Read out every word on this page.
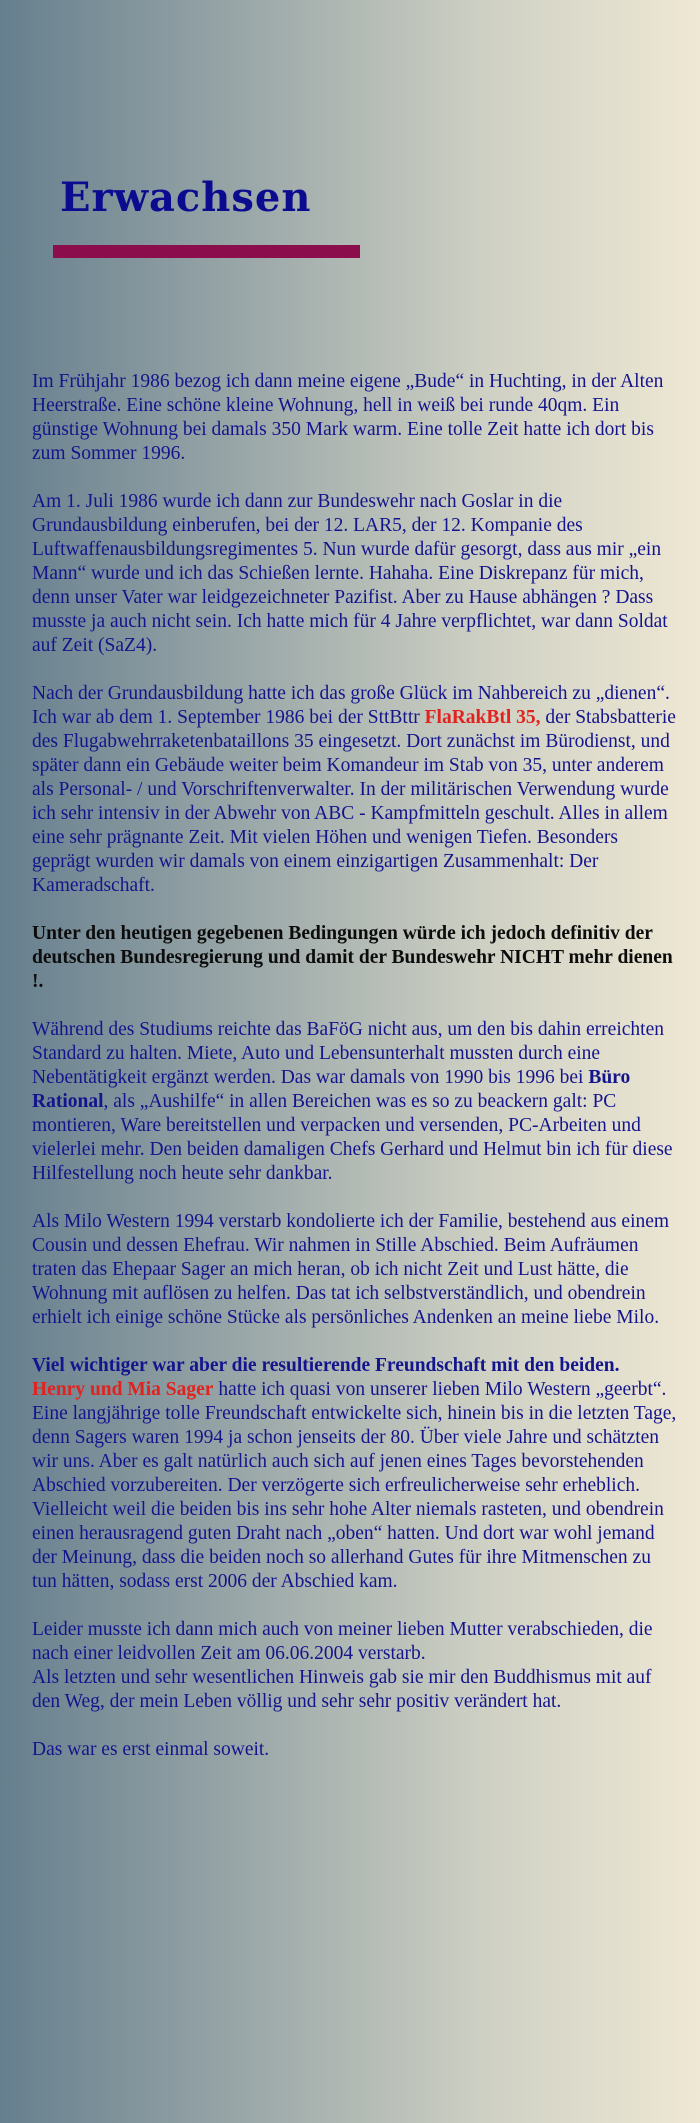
Erwachsen

Im Frühjahr 1986 bezog ich dann meine eigene „Bude“ in Huchting, in der Alten Heerstraße. Eine schöne kleine Wohnung, hell in weiß bei runde 40qm. Ein günstige Wohnung bei damals 350 Mark warm. Eine tolle Zeit hatte ich dort bis zum Sommer 1996.

Am 1. Juli 1986 wurde ich dann zur Bundeswehr nach Goslar in die Grundausbildung einberufen, bei der 12. LAR5, der 12. Kompanie des Luftwaffenausbildungsregimentes 5. Nun wurde dafür gesorgt, dass aus mir „ein Mann“ wurde und ich das Schießen lernte. Hahaha. Eine Diskrepanz für mich, denn unser Vater war leidgezeichneter Pazifist. Aber zu Hause abhängen ? Dass musste ja auch nicht sein. Ich hatte mich für 4 Jahre verpflichtet, war dann Soldat auf Zeit (SaZ4).

Nach der Grundausbildung hatte ich das große Glück im Nahbereich zu „dienen“. Ich war ab dem 1. September 1986 bei der SttBttr FlaRakBtl 35, der Stabsbatterie des Flugabwehrraketenbataillons 35 eingesetzt. Dort zunächst im Bürodienst, und später dann ein Gebäude weiter beim Komandeur im Stab von 35, unter anderem als Personal- / und Vorschriftenverwalter. In der militärischen Verwendung wurde ich sehr intensiv in der Abwehr von ABC - Kampfmitteln geschult. Alles in allem eine sehr prägnante Zeit. Mit vielen Höhen und wenigen Tiefen. Besonders geprägt wurden wir damals von einem einzigartigen Zusammenhalt: Der Kameradschaft.

Unter den heutigen gegebenen Bedingungen würde ich jedoch definitiv der deutschen Bundesregierung und damit der Bundeswehr NICHT mehr dienen !.

Während des Studiums reichte das BaFöG nicht aus, um den bis dahin erreichten Standard zu halten. Miete, Auto und Lebensunterhalt mussten durch eine Nebentätigkeit ergänzt werden. Das war damals von 1990 bis 1996 bei Büro Rational, als „Aushilfe“ in allen Bereichen was es so zu beackern galt: PC montieren, Ware bereitstellen und verpacken und versenden, PC-Arbeiten und vielerlei mehr. Den beiden damaligen Chefs Gerhard und Helmut bin ich für diese Hilfestellung noch heute sehr dankbar.

Als Milo Western 1994 verstarb kondolierte ich der Familie, bestehend aus einem Cousin und dessen Ehefrau. Wir nahmen in Stille Abschied. Beim Aufräumen traten das Ehepaar Sager an mich heran, ob ich nicht Zeit und Lust hätte, die Wohnung mit auflösen zu helfen. Das tat ich selbstverständlich, und obendrein erhielt ich einige schöne Stücke als persönliches Andenken an meine liebe Milo.

Viel wichtiger war aber die resultierende Freundschaft mit den beiden.
Henry und Mia Sager hatte ich quasi von unserer lieben Milo Western „geerbt“. Eine langjährige tolle Freundschaft entwickelte sich, hinein bis in die letzten Tage, denn Sagers waren 1994 ja schon jenseits der 80. Über viele Jahre und schätzten wir uns. Aber es galt natürlich auch sich auf jenen eines Tages bevorstehenden Abschied vorzubereiten. Der verzögerte sich erfreulicherweise sehr erheblich. Vielleicht weil die beiden bis ins sehr hohe Alter niemals rasteten, und obendrein einen herausragend guten Draht nach „oben“ hatten. Und dort war wohl jemand der Meinung, dass die beiden noch so allerhand Gutes für ihre Mitmenschen zu tun hätten, sodass erst 2006 der Abschied kam.

Leider musste ich dann mich auch von meiner lieben Mutter verabschieden, die nach einer leidvollen Zeit am 06.06.2004 verstarb.
Als letzten und sehr wesentlichen Hinweis gab sie mir den Buddhismus mit auf den Weg, der mein Leben völlig und sehr sehr positiv verändert hat.

Das war es erst einmal soweit.
